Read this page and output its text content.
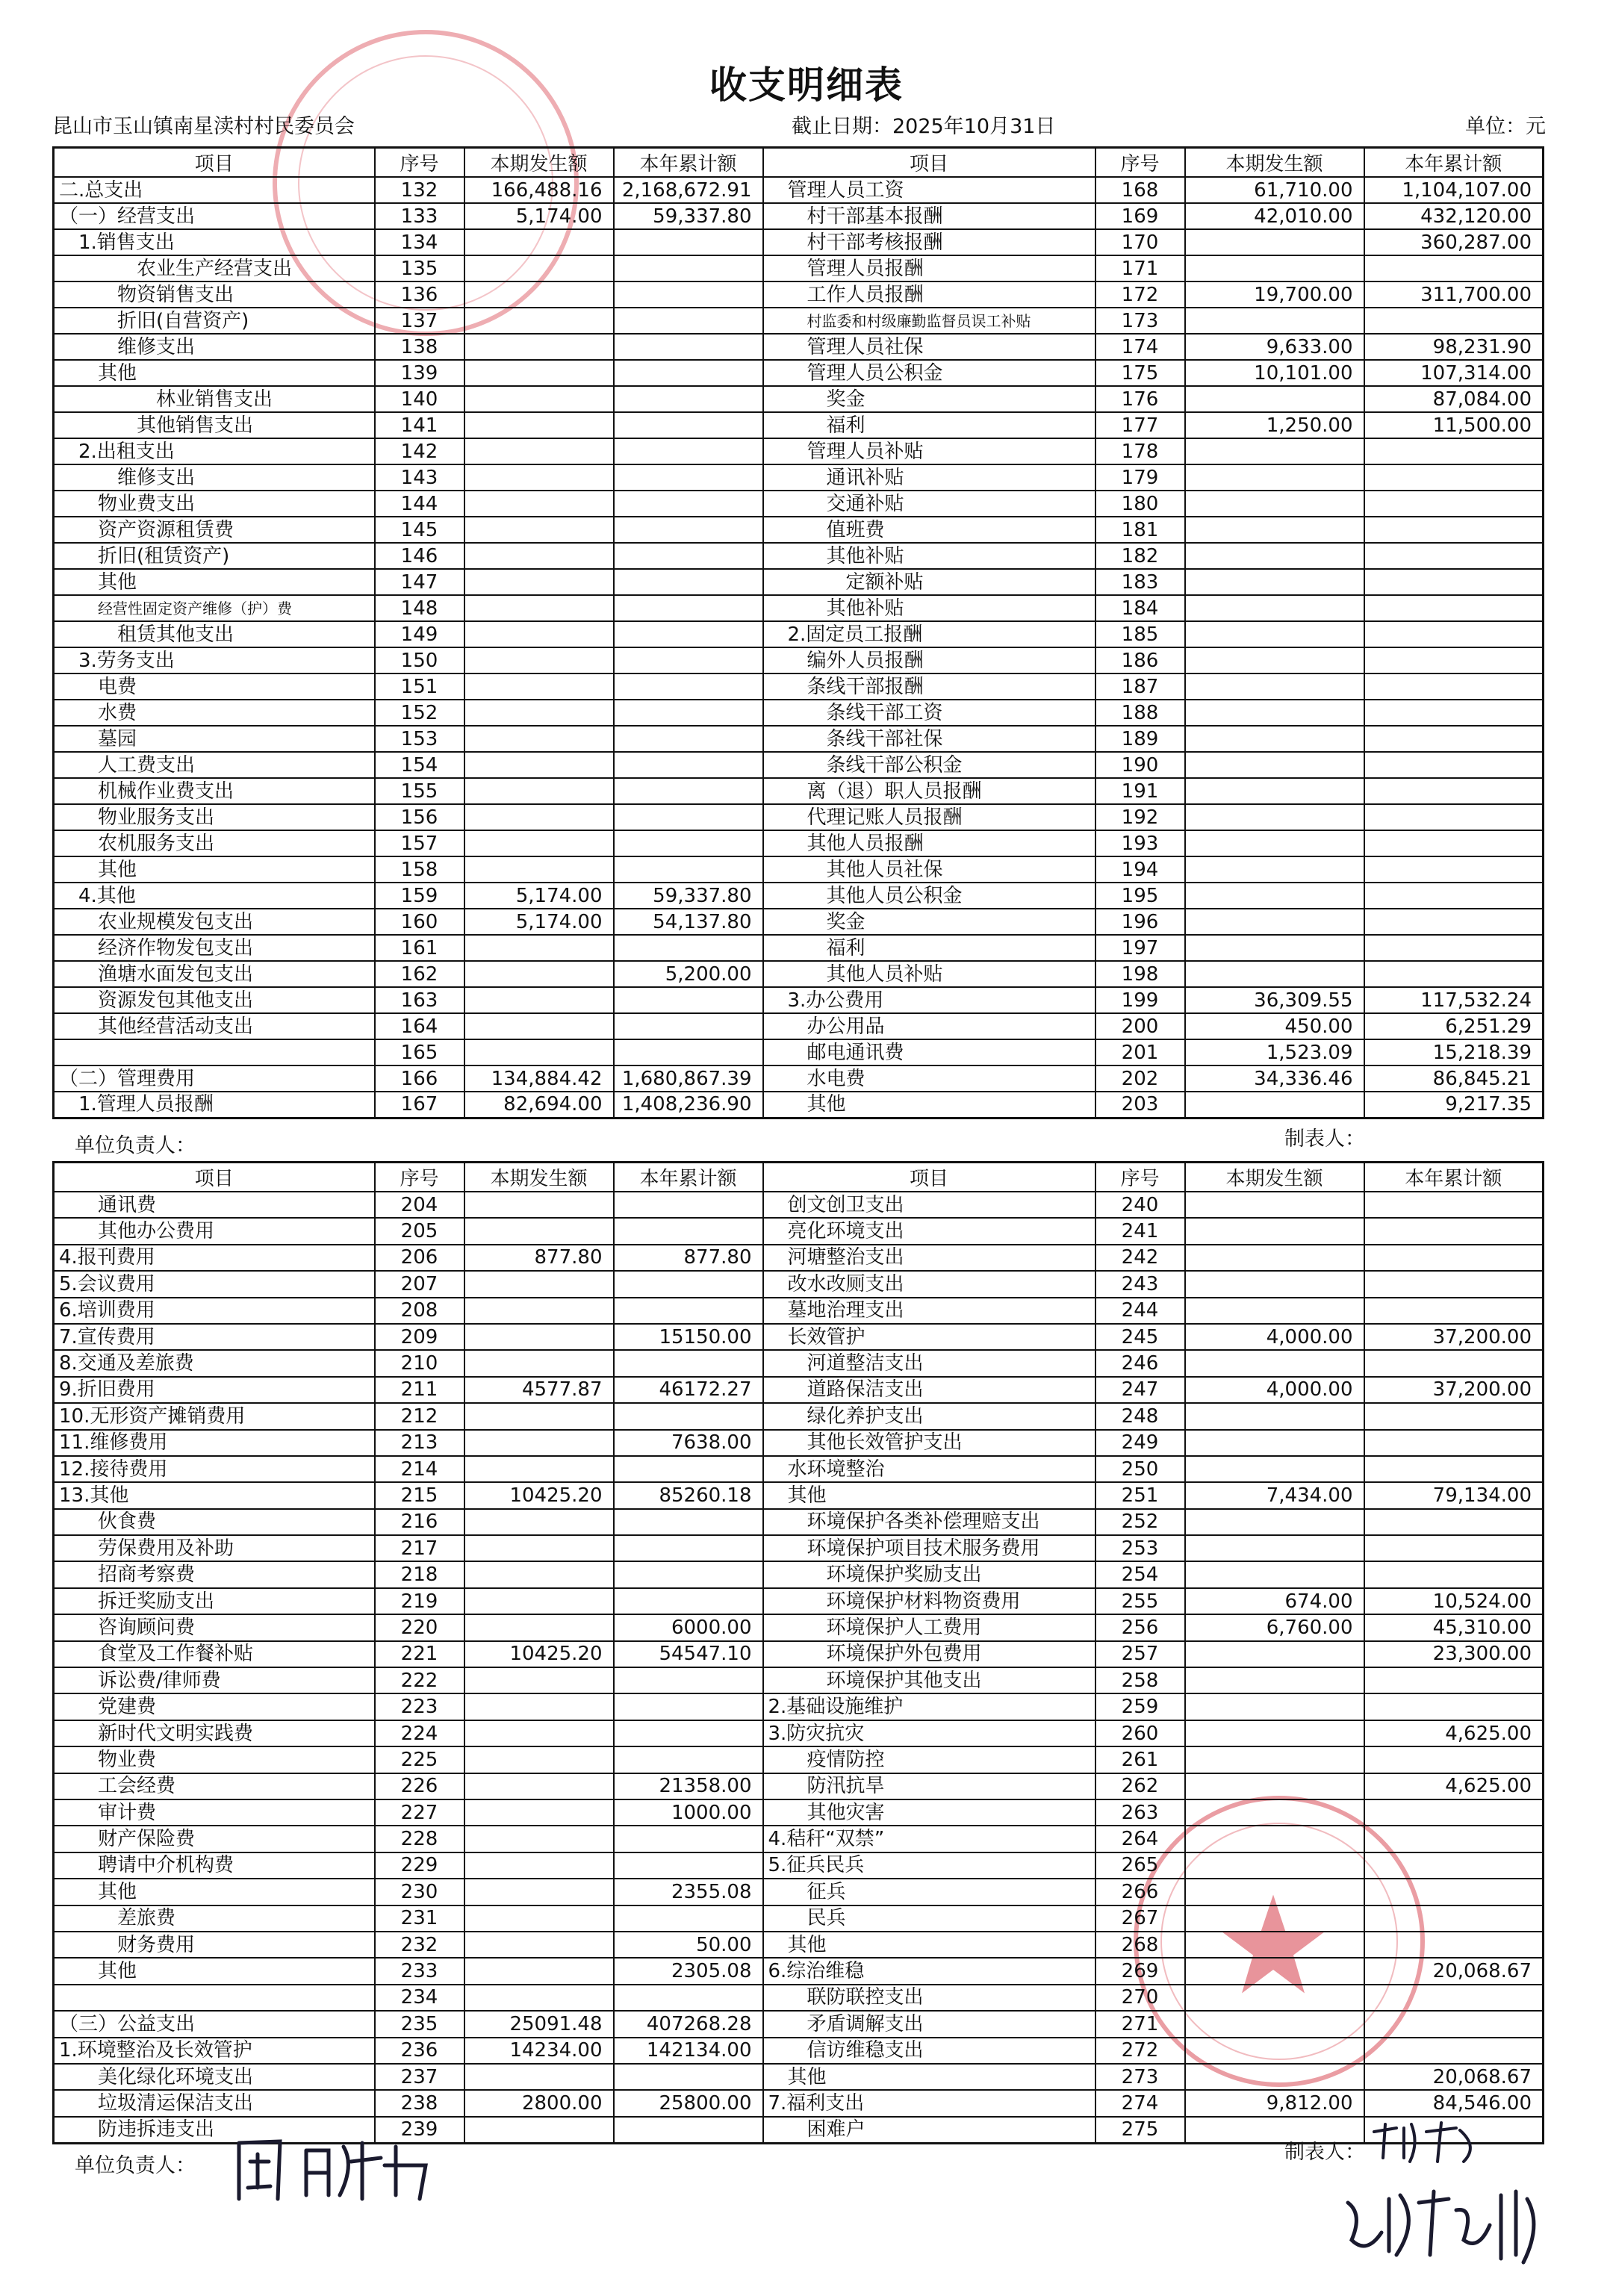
收支明细表
昆山市玉山镇南星渎村村民委员会	截止日期：2025年10月31日	单位：元
项目	序号	本期发生额	本年累计额	项目	序号	本期发生额	本年累计额
二.总支出	132	166,488.16	2,168,672.91	管理人员工资	168	61,710.00	1,104,107.00
（一）经营支出	133	5,174.00	59,337.80	村干部基本报酬	169	42,010.00	432,120.00
1.销售支出	134			村干部考核报酬	170		360,287.00
农业生产经营支出	135			管理人员报酬	171		
物资销售支出	136			工作人员报酬	172	19,700.00	311,700.00
折旧(自营资产)	137			村监委和村级廉勤监督员误工补贴	173		
维修支出	138			管理人员社保	174	9,633.00	98,231.90
其他	139			管理人员公积金	175	10,101.00	107,314.00
林业销售支出	140			奖金	176		87,084.00
其他销售支出	141			福利	177	1,250.00	11,500.00
2.出租支出	142			管理人员补贴	178		
维修支出	143			通讯补贴	179		
物业费支出	144			交通补贴	180		
资产资源租赁费	145			值班费	181		
折旧(租赁资产)	146			其他补贴	182		
其他	147			定额补贴	183		
经营性固定资产维修（护）费	148			其他补贴	184		
租赁其他支出	149			2.固定员工报酬	185		
3.劳务支出	150			编外人员报酬	186		
电费	151			条线干部报酬	187		
水费	152			条线干部工资	188		
墓园	153			条线干部社保	189		
人工费支出	154			条线干部公积金	190		
机械作业费支出	155			离（退）职人员报酬	191		
物业服务支出	156			代理记账人员报酬	192		
农机服务支出	157			其他人员报酬	193		
其他	158			其他人员社保	194		
4.其他	159	5,174.00	59,337.80	其他人员公积金	195		
农业规模发包支出	160	5,174.00	54,137.80	奖金	196		
经济作物发包支出	161			福利	197		
渔塘水面发包支出	162		5,200.00	其他人员补贴	198		
资源发包其他支出	163			3.办公费用	199	36,309.55	117,532.24
其他经营活动支出	164			办公用品	200	450.00	6,251.29
	165			邮电通讯费	201	1,523.09	15,218.39
（二）管理费用	166	134,884.42	1,680,867.39	水电费	202	34,336.46	86,845.21
1.管理人员报酬	167	82,694.00	1,408,236.90	其他	203		9,217.35
单位负责人：	制表人：
项目	序号	本期发生额	本年累计额	项目	序号	本期发生额	本年累计额
通讯费	204			创文创卫支出	240		
其他办公费用	205			亮化环境支出	241		
4.报刊费用	206	877.80	877.80	河塘整治支出	242		
5.会议费用	207			改水改厕支出	243		
6.培训费用	208			墓地治理支出	244		
7.宣传费用	209		15150.00	长效管护	245	4,000.00	37,200.00
8.交通及差旅费	210			河道整洁支出	246		
9.折旧费用	211	4577.87	46172.27	道路保洁支出	247	4,000.00	37,200.00
10.无形资产摊销费用	212			绿化养护支出	248		
11.维修费用	213		7638.00	其他长效管护支出	249		
12.接待费用	214			水环境整治	250		
13.其他	215	10425.20	85260.18	其他	251	7,434.00	79,134.00
伙食费	216			环境保护各类补偿理赔支出	252		
劳保费用及补助	217			环境保护项目技术服务费用	253		
招商考察费	218			环境保护奖励支出	254		
拆迁奖励支出	219			环境保护材料物资费用	255	674.00	10,524.00
咨询顾问费	220		6000.00	环境保护人工费用	256	6,760.00	45,310.00
食堂及工作餐补贴	221	10425.20	54547.10	环境保护外包费用	257		23,300.00
诉讼费/律师费	222			环境保护其他支出	258		
党建费	223			2.基础设施维护	259		
新时代文明实践费	224			3.防灾抗灾	260		4,625.00
物业费	225			疫情防控	261		
工会经费	226		21358.00	防汛抗旱	262		4,625.00
审计费	227		1000.00	其他灾害	263		
财产保险费	228			4.秸秆“双禁”	264		
聘请中介机构费	229			5.征兵民兵	265		
其他	230		2355.08	征兵	266		
差旅费	231			民兵	267		
财务费用	232		50.00	其他	268		
其他	233		2305.08	6.综治维稳	269		20,068.67
	234			联防联控支出	270		
（三）公益支出	235	25091.48	407268.28	矛盾调解支出	271		
1.环境整治及长效管护	236	14234.00	142134.00	信访维稳支出	272		
美化绿化环境支出	237			其他	273		20,068.67
垃圾清运保洁支出	238	2800.00	25800.00	7.福利支出	274	9,812.00	84,546.00
防违拆违支出	239			困难户	275		
单位负责人：
制表人：
